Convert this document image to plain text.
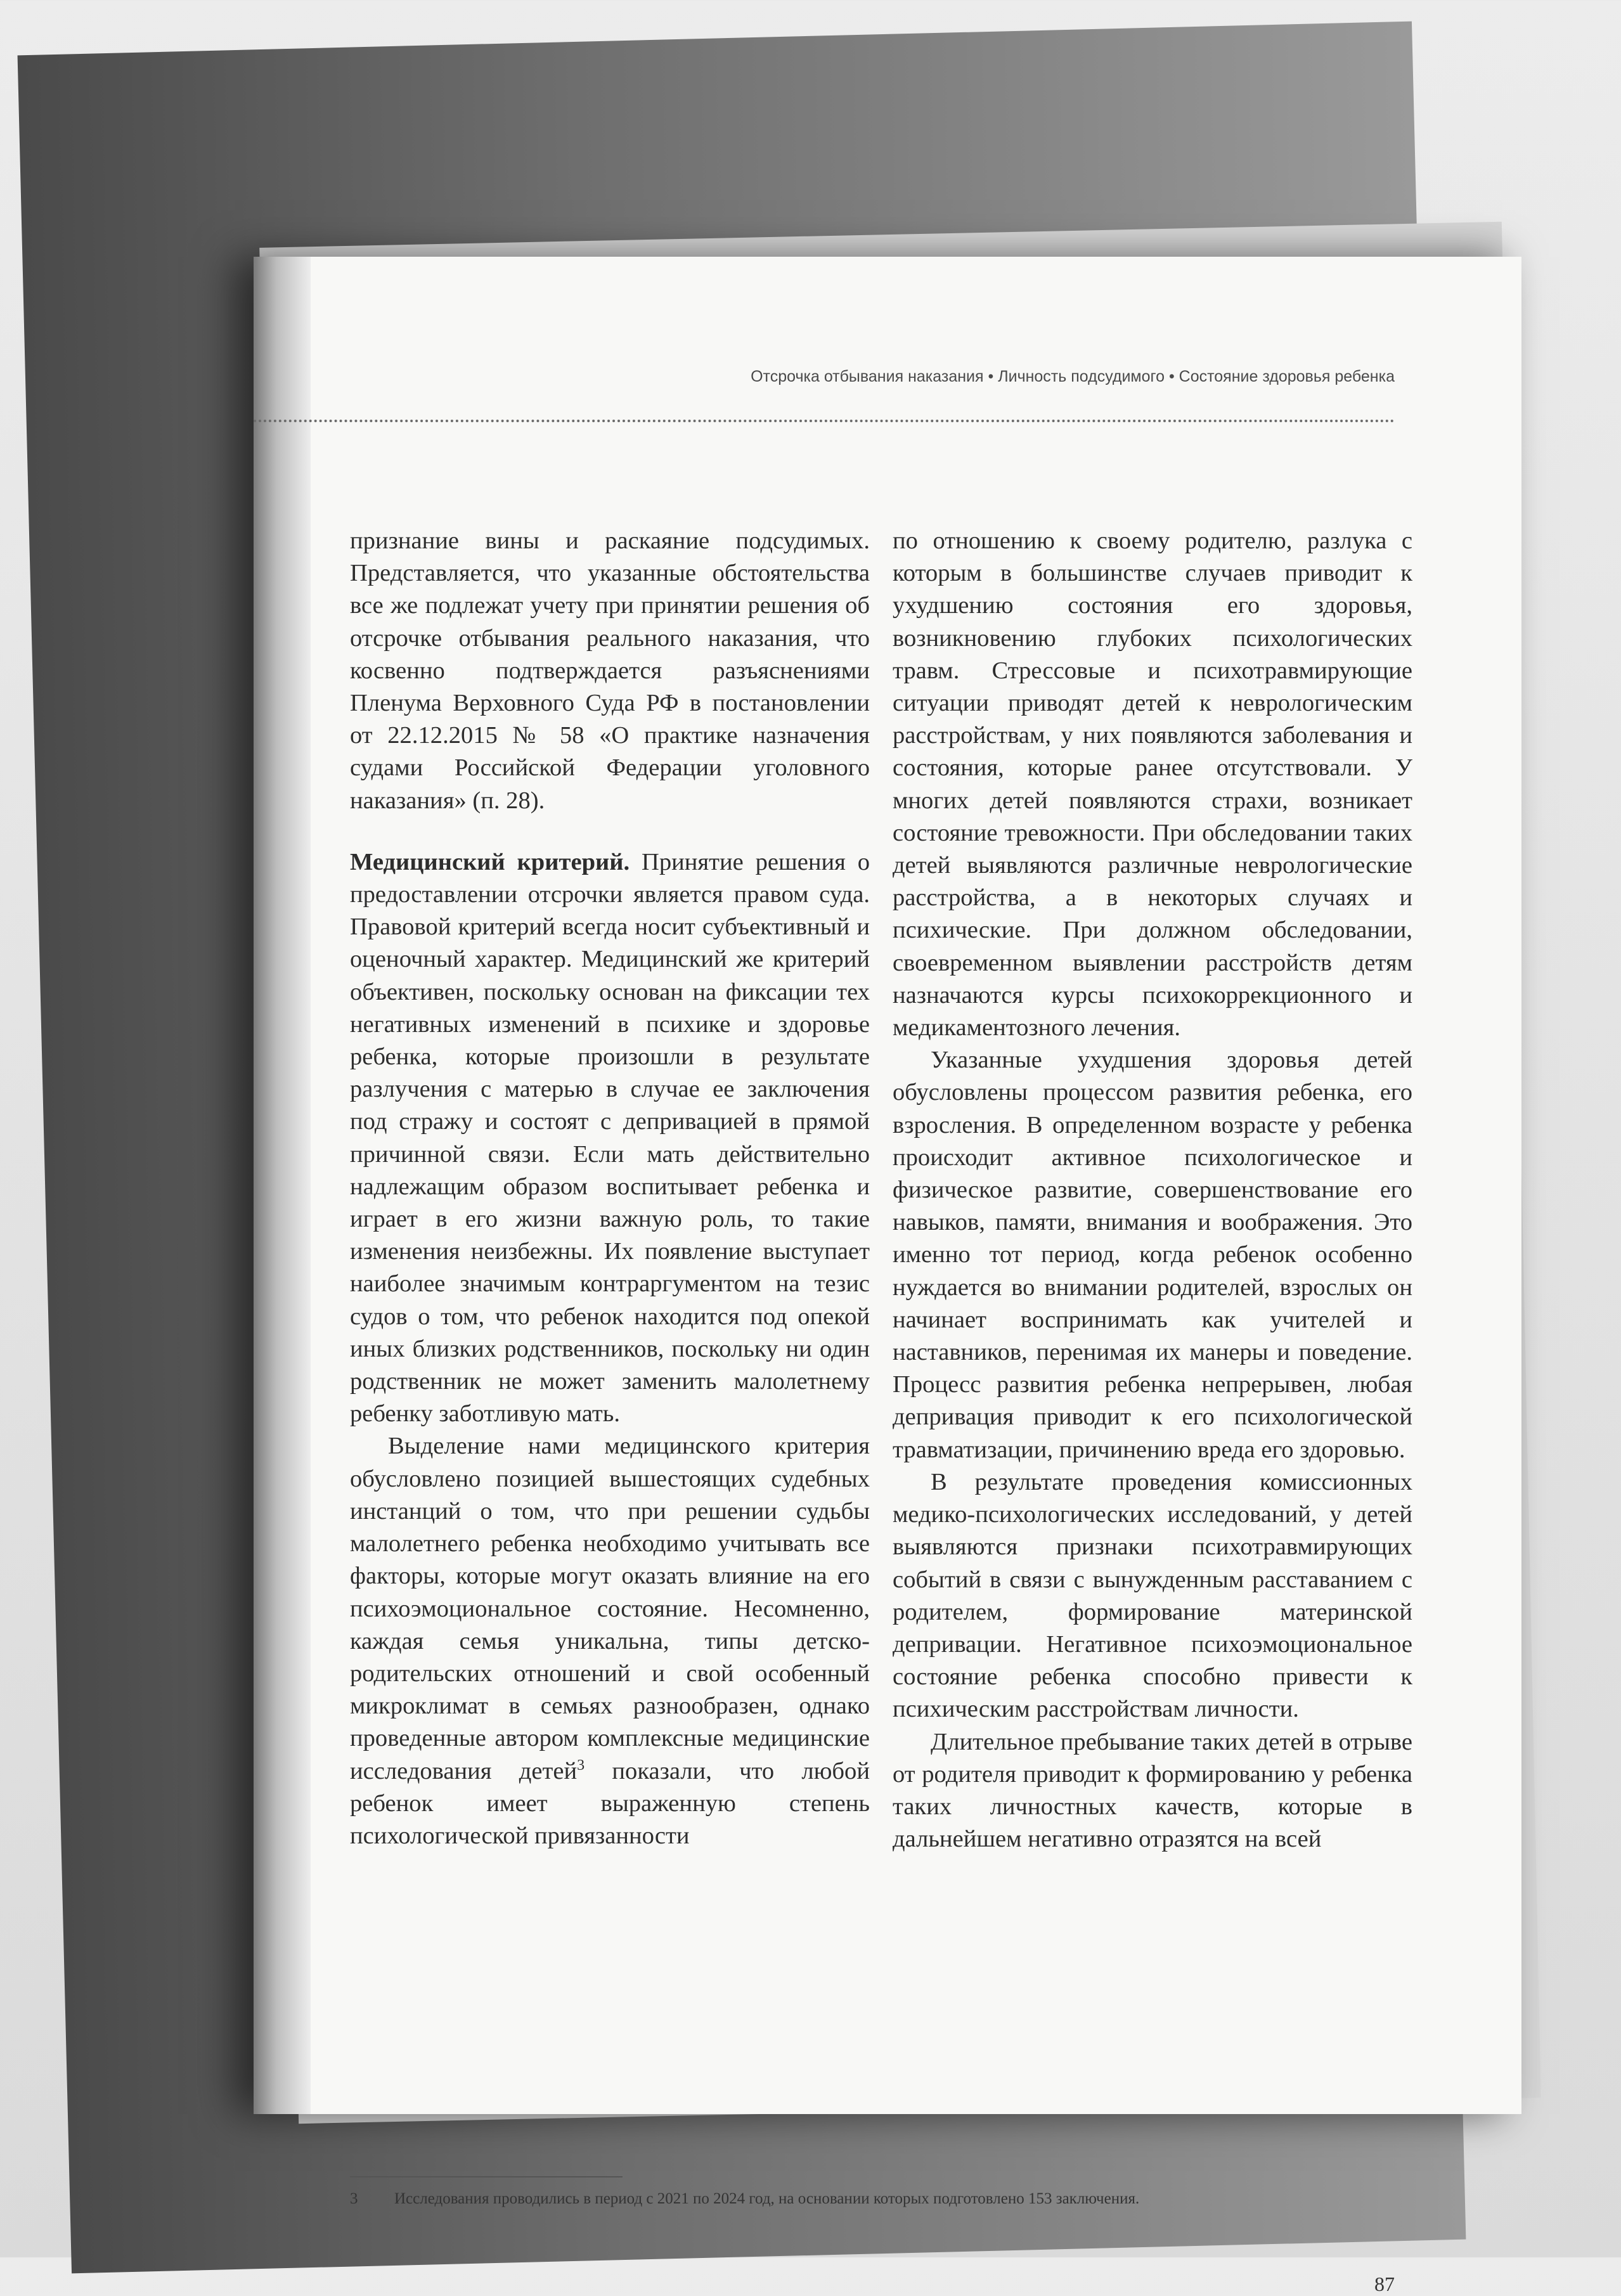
Отсрочка отбывания наказания • Личность подсудимого • Состояние здоровья ребенка

признание вины и раскаяние подсудимых. Представляется, что указанные обстоятельства все же подлежат учету при принятии решения об отсрочке отбывания реального наказания, что косвенно подтверждается разъяснениями Пленума Верховного Суда РФ в постановлении от 22.12.2015 № 58 «О практике назначения судами Российской Федерации уголовного наказания» (п. 28).

Медицинский критерий. Принятие решения о предоставлении отсрочки является правом суда. Правовой критерий всегда носит субъективный и оценочный характер. Медицинский же критерий объективен, поскольку основан на фиксации тех негативных изменений в психике и здоровье ребенка, которые произошли в результате разлучения с матерью в случае ее заключения под стражу и состоят с депривацией в прямой причинной связи. Если мать действительно надлежащим образом воспитывает ребенка и играет в его жизни важную роль, то такие изменения неизбежны. Их появление выступает наиболее значимым контраргументом на тезис судов о том, что ребенок находится под опекой иных близких родственников, поскольку ни один родственник не может заменить малолетнему ребенку заботливую мать.

Выделение нами медицинского критерия обусловлено позицией вышестоящих судебных инстанций о том, что при решении судьбы малолетнего ребенка необходимо учитывать все факторы, которые могут оказать влияние на его психоэмоциональное состояние. Несомненно, каждая семья уникальна, типы детско-родительских отношений и свой особенный микроклимат в семьях разнообразен, однако проведенные автором комплексные медицинские исследования детей$^3$ показали, что любой ребенок имеет выраженную степень психологической привязанности

по отношению к своему родителю, разлука с которым в большинстве случаев приводит к ухудшению состояния его здоровья, возникновению глубоких психологических травм. Стрессовые и психотравмирующие ситуации приводят детей к неврологическим расстройствам, у них появляются заболевания и состояния, которые ранее отсутствовали. У многих детей появляются страхи, возникает состояние тревожности. При обследовании таких детей выявляются различные неврологические расстройства, а в некоторых случаях и психические. При должном обследовании, своевременном выявлении расстройств детям назначаются курсы психокоррекционного и медикаментозного лечения.

Указанные ухудшения здоровья детей обусловлены процессом развития ребенка, его взросления. В определенном возрасте у ребенка происходит активное психологическое и физическое развитие, совершенствование его навыков, памяти, внимания и воображения. Это именно тот период, когда ребенок особенно нуждается во внимании родителей, взрослых он начинает воспринимать как учителей и наставников, перенимая их манеры и поведение. Процесс развития ребенка непрерывен, любая депривация приводит к его психологической травматизации, причинению вреда его здоровью.

В результате проведения комиссионных медико-психологических исследований, у детей выявляются признаки психотравмирующих событий в связи с вынужденным расставанием с родителем, формирование материнской депривации. Негативное психоэмоциональное состояние ребенка способно привести к психическим расстройствам личности.

Длительное пребывание таких детей в отрыве от родителя приводит к формированию у ребенка таких личностных качеств, которые в дальнейшем негативно отразятся на всей

3 Исследования проводились в период с 2021 по 2024 год, на основании которых подготовлено 153 заключения.
87
